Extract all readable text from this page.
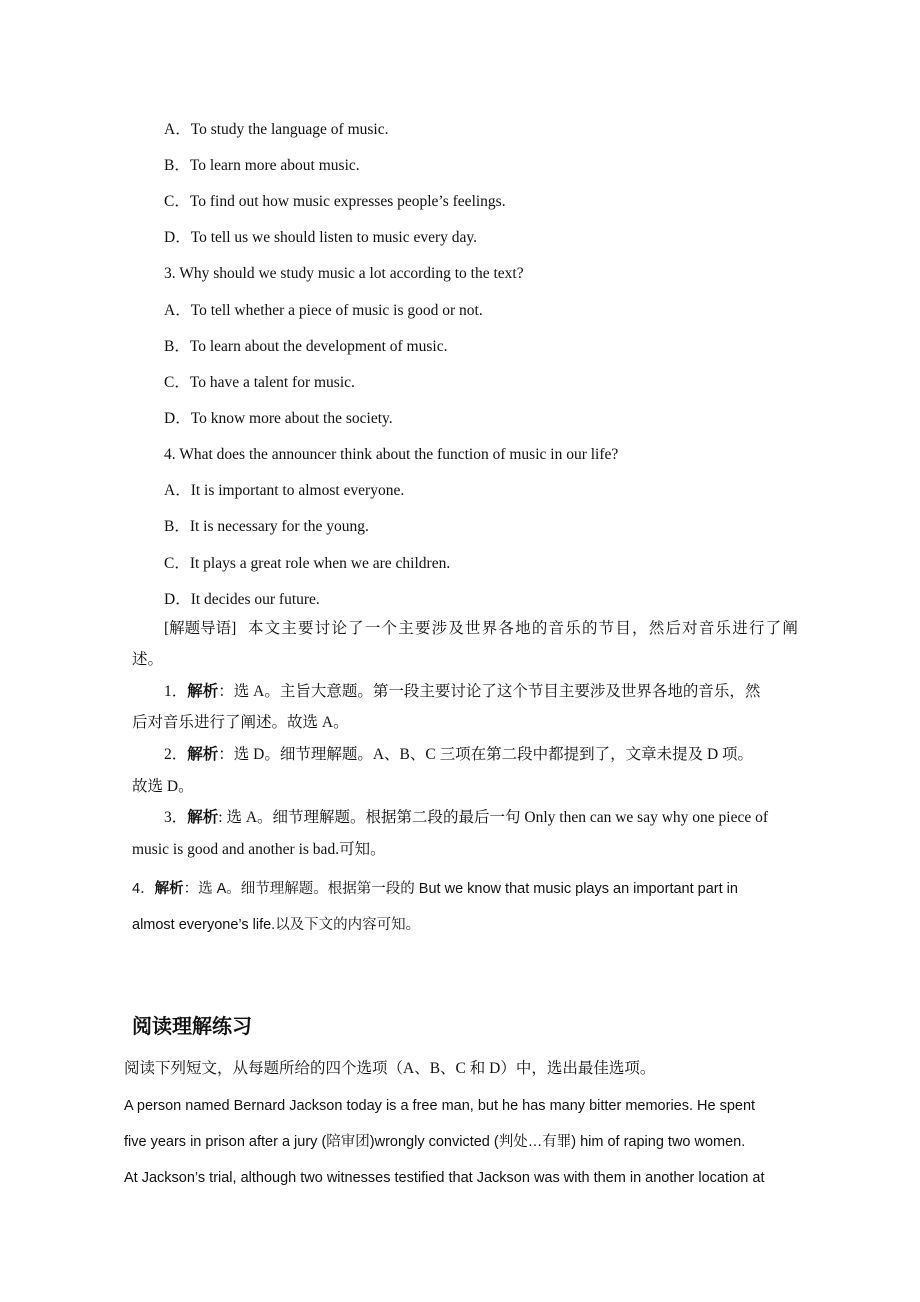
A．To study the language of music.
B．To learn more about music.
C．To find out how music expresses people’s feelings.
D．To tell us we should listen to music every day.
3. Why should we study music a lot according to the text?
A．To tell whether a piece of music is good or not.
B．To learn about the development of music.
C．To have a talent for music.
D．To know more about the society.
4. What does the announcer think about the function of music in our life?
A．It is important to almost everyone.
B．It is necessary for the young.
C．It plays a great role when we are children.
D．It decides our future.
[解题导语] 本文主要讨论了一个主要涉及世界各地的音乐的节目，然后对音乐进行了阐
述。
1．解析：选 A。主旨大意题。第一段主要讨论了这个节目主要涉及世界各地的音乐，然
后对音乐进行了阐述。故选 A。
2．解析：选 D。细节理解题。A、B、C 三项在第二段中都提到了，文章未提及 D 项。
故选 D。
3．解析: 选 A。细节理解题。根据第二段的最后一句 Only then can we say why one piece of
music is good and another is bad.可知。
4．解析：选 A。细节理解题。根据第一段的 But we know that music plays an important part in
almost everyone’s life.以及下文的内容可知。
阅读理解练习
阅读下列短文，从每题所给的四个选项（A、B、C 和 D）中，选出最佳选项。
A person named Bernard Jackson today is a free man, but he has many bitter memories. He spent
five years in prison after a jury (陪审团)wrongly convicted (判处…有罪) him of raping two women.
At Jackson’s trial, although two witnesses testified that Jackson was with them in another location at
